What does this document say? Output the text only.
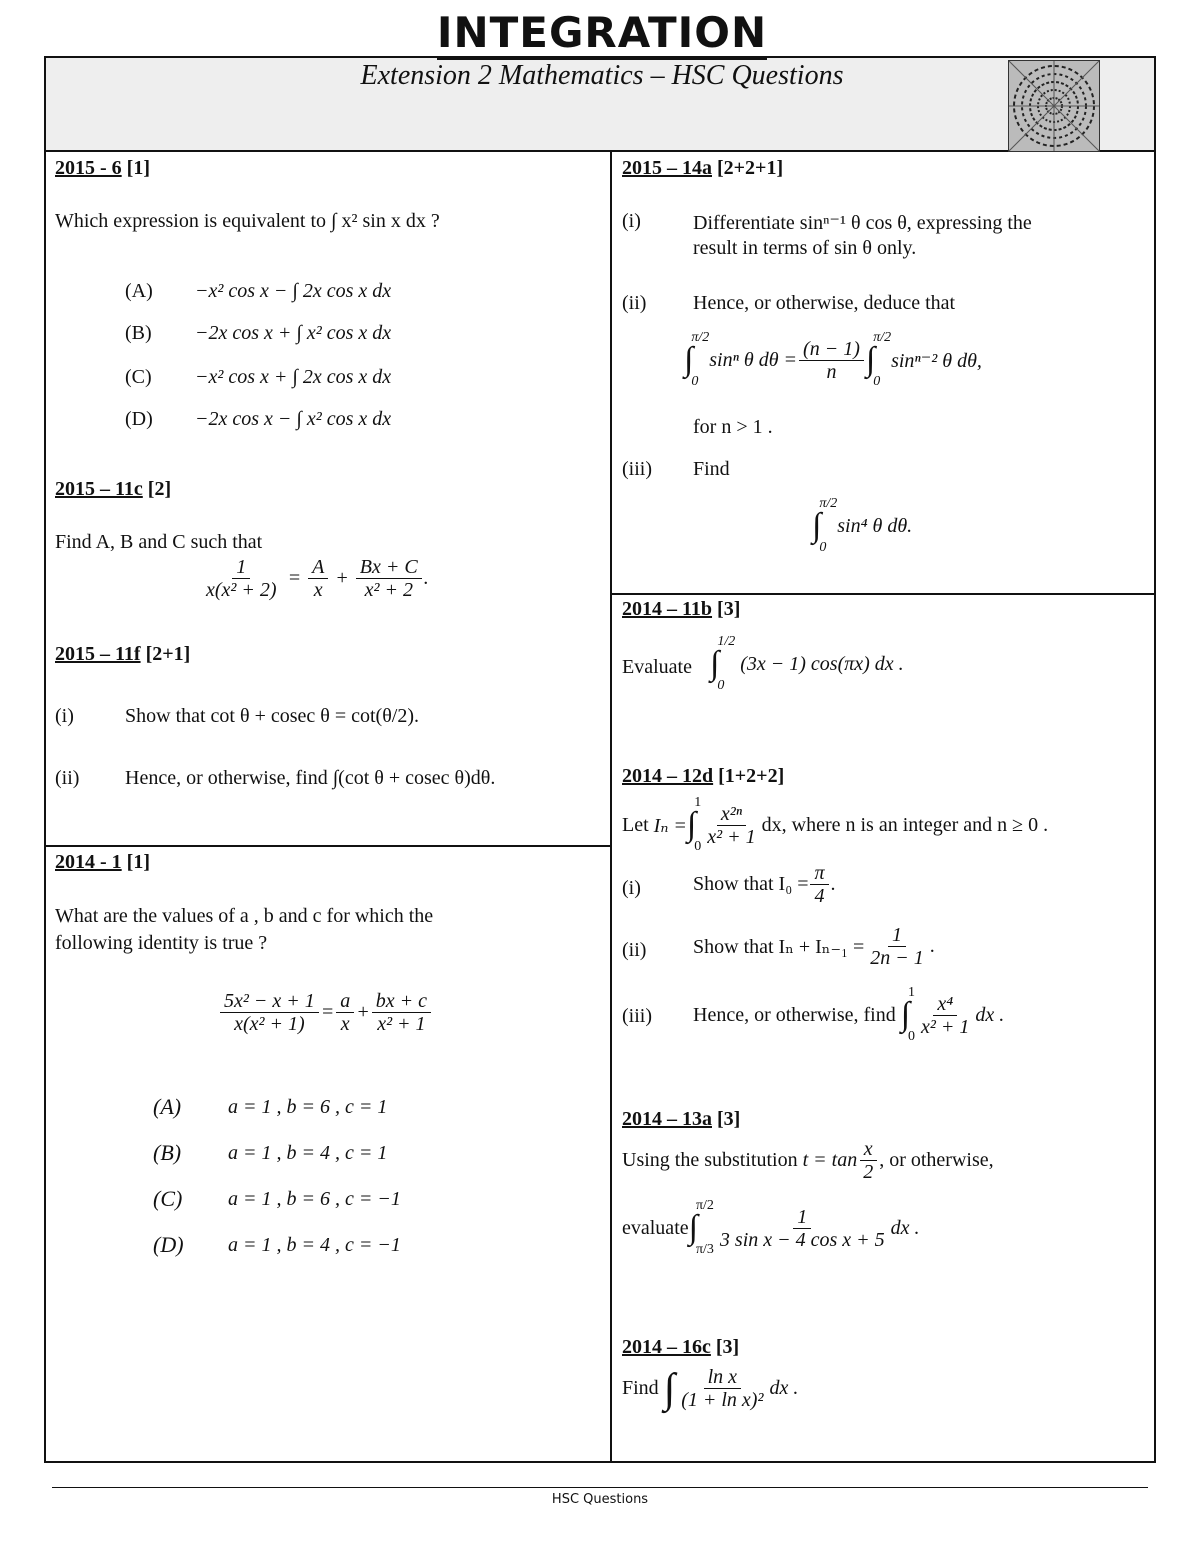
INTEGRATION
Extension 2 Mathematics – HSC Questions
2015 - 6 [1]
Which expression is equivalent to ∫ x² sin x dx ?
(A) −x² cos x − ∫ 2x cos x dx
(B) −2x cos x + ∫ x² cos x dx
(C) −x² cos x + ∫ 2x cos x dx
(D) −2x cos x − ∫ x² cos x dx
2015 – 11c [2]
Find A, B and C such that
$\frac{1}{\text{x(x² + 2)}} = \frac{A}{x} + \frac{Bx + C}{\text{x² + 2}}$ .
2015 – 11f [2+1]
(i)	Show that cot θ + cosec θ = cot(θ/2).
(ii) Hence, or otherwise, find ∫(cot θ + cosec θ)dθ.
2014 - 1 [1]
What are the values of a , b and c for which the
following identity is true ?
$\frac{\text{5x² − x + 1}}{\text{x(x² + 1)}} = \frac{a}{x} + \frac{bx + c}{\text{x² + 1}}$
(A) a = 1 , b = 6 , c = 1
(B) a = 1 , b = 4 , c = 1
(C) a = 1 , b = 6 , c = −1
(D) a = 1 , b = 4 , c = −1
2015 – 14a [2+2+1]
(i)	Differentiate sinⁿ⁻¹ θ cos θ, expressing the
result in terms of sin θ only.
(ii) Hence, or otherwise, deduce that
∫
π/2
0
sinⁿ θ $d\theta = \frac{(n - 1)}{n}$ ∫
π/2
0
sinⁿ⁻² θ dθ,
for n > 1 .
(iii) Find
∫
π/2
0
sin⁴ θ dθ.
2014 – 11b [3]
Evaluate ∫
1/2
0

(3x − 1) cos(πx) dx .
2014 – 12d [1+2+2]
Let
Iₙ = ∫
1
$0 \frac{\text{x²ⁿ}}{\text{x² + 1}}$ dx, where n is an integer and n ≥ 0 .
(i)	Show that $I_0 = \frac{\pi}{4}$ .
(ii) Show that $I_n + I_{n-1} = \frac{1}{2n - 1}$ .
(iii) Hence, or otherwise, find
∫
1
$0 \frac{\text{x⁴}}{\text{x² + 1}}$ dx .
2014 – 13a [3]
Using the substitution
$t = \tan \frac{x}{2}$ , or otherwise,
evaluate ∫
π/2
$\pi/3 \frac{1}{\text{3 sin x − 4 cos x + 5}}$ dx .
2014 – 16c [3]
Find
∫ $\frac{\text{ln x}}{\text{(1 + ln x)²}}$ dx .
HSC Questions
